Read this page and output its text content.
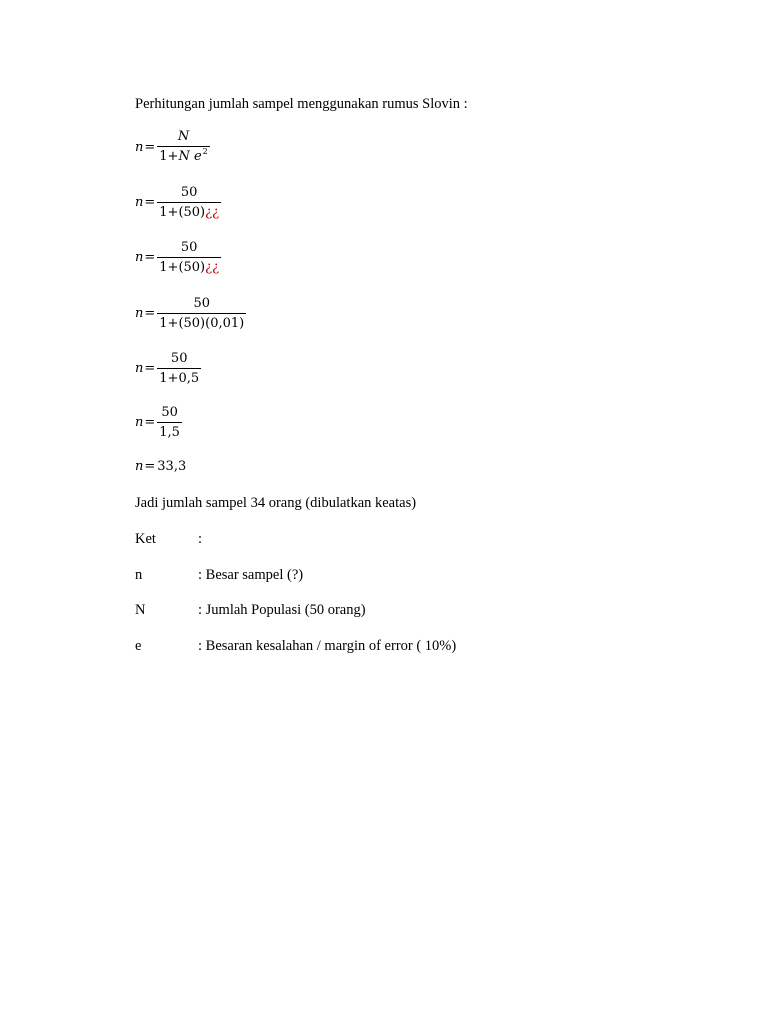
Perhitungan jumlah sampel menggunakan rumus Slovin :
$n = \frac{N}{1+N e^2}$
$n = \frac{50}{1+(50)¿¿}$
$n = \frac{50}{1+(50)¿¿}$
$n = \frac{50}{1+(50)(0,01)}$
$n = \frac{50}{1+0,5}$
$n = \frac{50}{1,5}$
n = 33,3
Jadi jumlah sampel 34 orang (dibulatkan keatas)
Ket	:
n	: Besar sampel (?)
N	: Jumlah Populasi (50 orang)
e	: Besaran kesalahan / margin of error ( 10%)
